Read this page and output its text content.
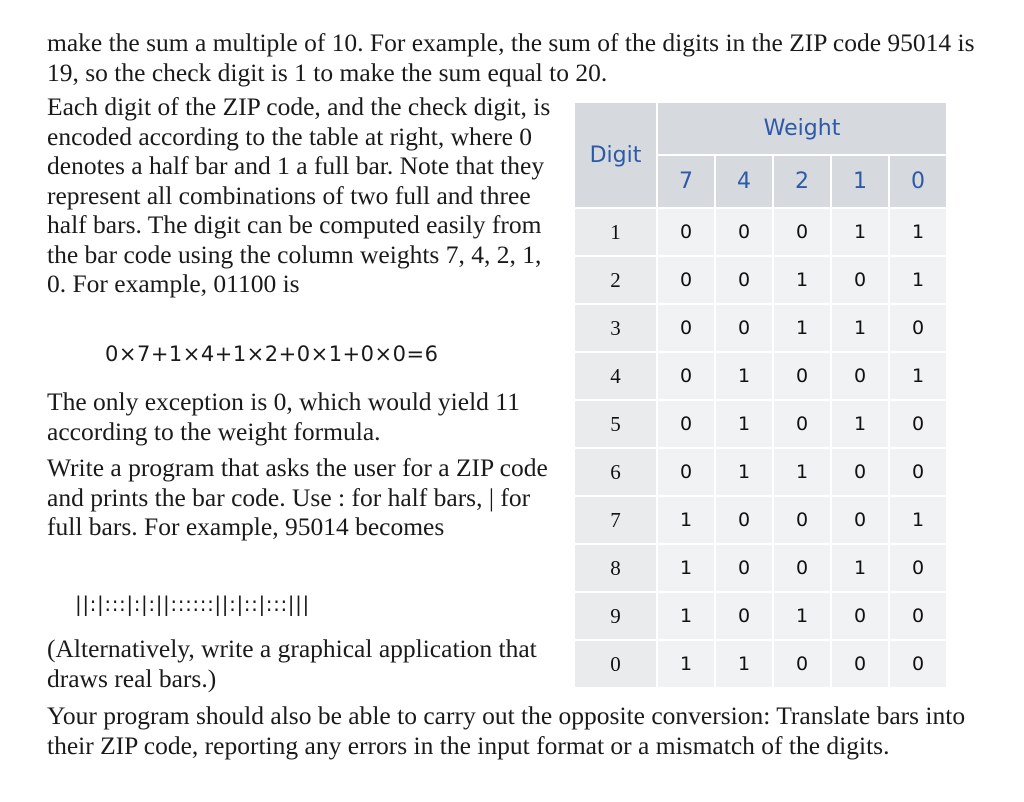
make the sum a multiple of 10. For example, the sum of the digits in the ZIP code 95014 is 19, so the check digit is 1 to make the sum equal to 20.

Each digit of the ZIP code, and the check digit, is encoded according to the table at right, where 0 denotes a half bar and 1 a full bar. Note that they represent all combinations of two full and three half bars. The digit can be computed easily from the bar code using the column weights 7, 4, 2, 1, 0. For example, 01100 is

0×7+1×4+1×2+0×1+0×0=6

The only exception is 0, which would yield 11 according to the weight formula.

Write a program that asks the user for a ZIP code and prints the bar code. Use : for half bars, | for full bars. For example, 95014 becomes

||:|:::|:|:||::::::||:|::|:::|||

(Alternatively, write a graphical application that draws real bars.)

Your program should also be able to carry out the opposite conversion: Translate bars into their ZIP code, reporting any errors in the input format or a mismatch of the digits.

Digit	Weight				
	7	4	2	1	0
1	0	0	0	1	1
2	0	0	1	0	1
3	0	0	1	1	0
4	0	1	0	0	1
5	0	1	0	1	0
6	0	1	1	0	0
7	1	0	0	0	1
8	1	0	0	1	0
9	1	0	1	0	0
0	1	1	0	0	0
